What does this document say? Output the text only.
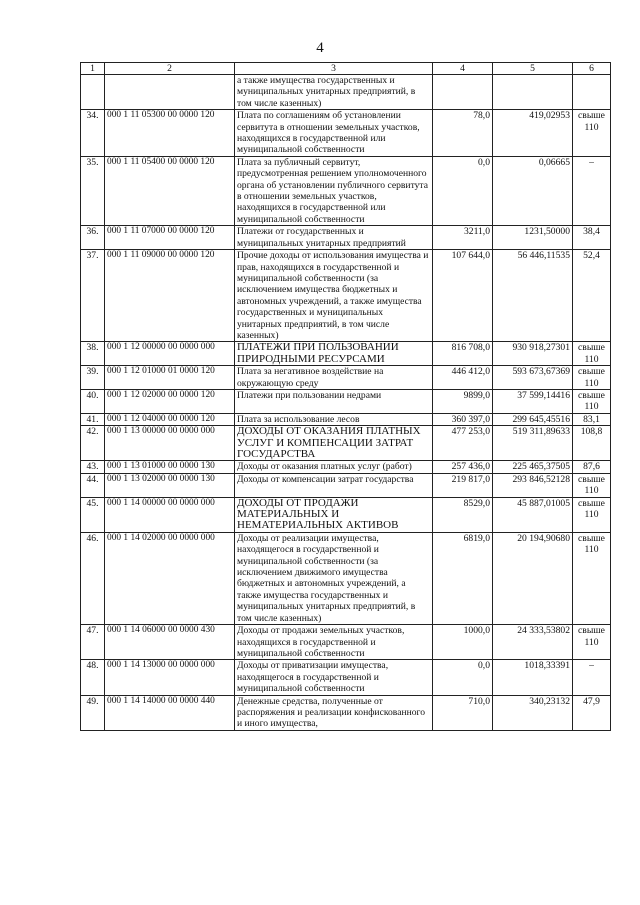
4
1	2	3	4	5	6
		а также имущества государственных и муниципальных унитарных предприятий, в том числе казенных)			
34.	000 1 11 05300 00 0000 120	Плата по соглашениям об установлении сервитута в отношении земельных участков, находящихся в государственной или муниципальной собственности	78,0	419,02953	свыше 110
35.	000 1 11 05400 00 0000 120	Плата за публичный сервитут, предусмотренная решением уполномоченного органа об установлении публичного сервитута в отношении земельных участков, находящихся в государственной или муниципальной собственности	0,0	0,06665	–
36.	000 1 11 07000 00 0000 120	Платежи от государственных и муниципальных унитарных предприятий	3211,0	1231,50000	38,4
37.	000 1 11 09000 00 0000 120	Прочие доходы от использования имущества и прав, находящихся в государственной и муниципальной собственности (за исключением имущества бюджетных и автономных учреждений, а также имущества государственных и муниципальных унитарных предприятий, в том числе казенных)	107 644,0	56 446,11535	52,4
38.	000 1 12 00000 00 0000 000	ПЛАТЕЖИ ПРИ ПОЛЬЗОВАНИИ ПРИРОДНЫМИ РЕСУРСАМИ	816 708,0	930 918,27301	свыше 110
39.	000 1 12 01000 01 0000 120	Плата за негативное воздействие на окружающую среду	446 412,0	593 673,67369	свыше 110
40.	000 1 12 02000 00 0000 120	Платежи при пользовании недрами	9899,0	37 599,14416	свыше 110
41.	000 1 12 04000 00 0000 120	Плата за использование лесов	360 397,0	299 645,45516	83,1
42.	000 1 13 00000 00 0000 000	ДОХОДЫ ОТ ОКАЗАНИЯ ПЛАТНЫХ УСЛУГ И КОМПЕНСАЦИИ ЗАТРАТ ГОСУДАРСТВА	477 253,0	519 311,89633	108,8
43.	000 1 13 01000 00 0000 130	Доходы от оказания платных услуг (работ)	257 436,0	225 465,37505	87,6
44.	000 1 13 02000 00 0000 130	Доходы от компенсации затрат государства	219 817,0	293 846,52128	свыше 110
45.	000 1 14 00000 00 0000 000	ДОХОДЫ ОТ ПРОДАЖИ МАТЕРИАЛЬНЫХ И НЕМАТЕРИАЛЬНЫХ АКТИВОВ	8529,0	45 887,01005	свыше 110
46.	000 1 14 02000 00 0000 000	Доходы от реализации имущества, находящегося в государственной и муниципальной собственности (за исключением движимого имущества бюджетных и автономных учреждений, а также имущества государственных и муниципальных унитарных предприятий, в том числе казенных)	6819,0	20 194,90680	свыше 110
47.	000 1 14 06000 00 0000 430	Доходы от продажи земельных участков, находящихся в государственной и муниципальной собственности	1000,0	24 333,53802	свыше 110
48.	000 1 14 13000 00 0000 000	Доходы от приватизации имущества, находящегося в государственной и муниципальной собственности	0,0	1018,33391	–
49.	000 1 14 14000 00 0000 440	Денежные средства, полученные от распоряжения и реализации конфискованного и иного имущества,	710,0	340,23132	47,9
